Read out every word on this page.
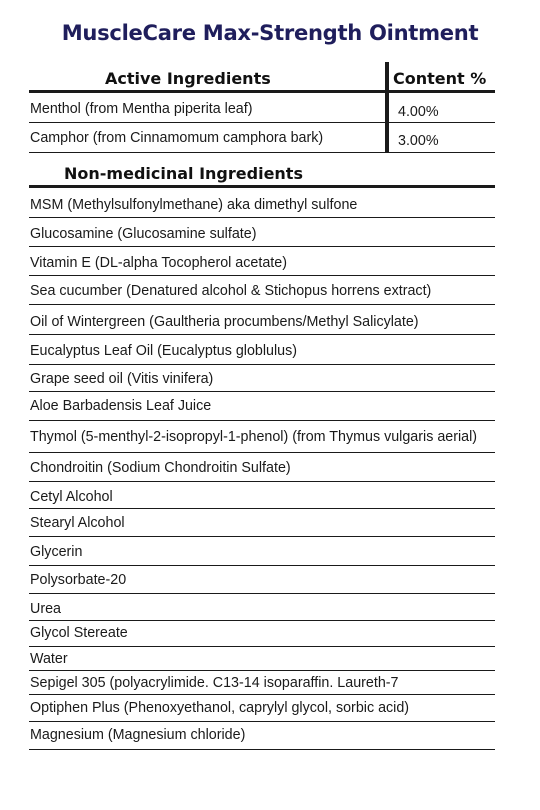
MuscleCare Max-Strength Ointment
Active Ingredients	Content %
Menthol (from Mentha piperita leaf)	4.00%
Camphor (from Cinnamomum camphora bark)	3.00%
Non-medicinal Ingredients
MSM (Methylsulfonylmethane) aka dimethyl sulfone
Glucosamine (Glucosamine sulfate)
Vitamin E (DL-alpha Tocopherol acetate)
Sea cucumber (Denatured alcohol & Stichopus horrens extract)
Oil of Wintergreen (Gaultheria procumbens/Methyl Salicylate)
Eucalyptus Leaf Oil (Eucalyptus globlulus)
Grape seed oil (Vitis vinifera)
Aloe Barbadensis Leaf Juice
Thymol (5-menthyl-2-isopropyl-1-phenol) (from Thymus vulgaris aerial)
Chondroitin (Sodium Chondroitin Sulfate)
Cetyl Alcohol
Stearyl Alcohol
Glycerin
Polysorbate-20
Urea
Glycol Stereate
Water
Sepigel 305 (polyacrylimide. C13-14 isoparaffin. Laureth-7
Optiphen Plus (Phenoxyethanol, caprylyl glycol, sorbic acid)
Magnesium (Magnesium chloride)
